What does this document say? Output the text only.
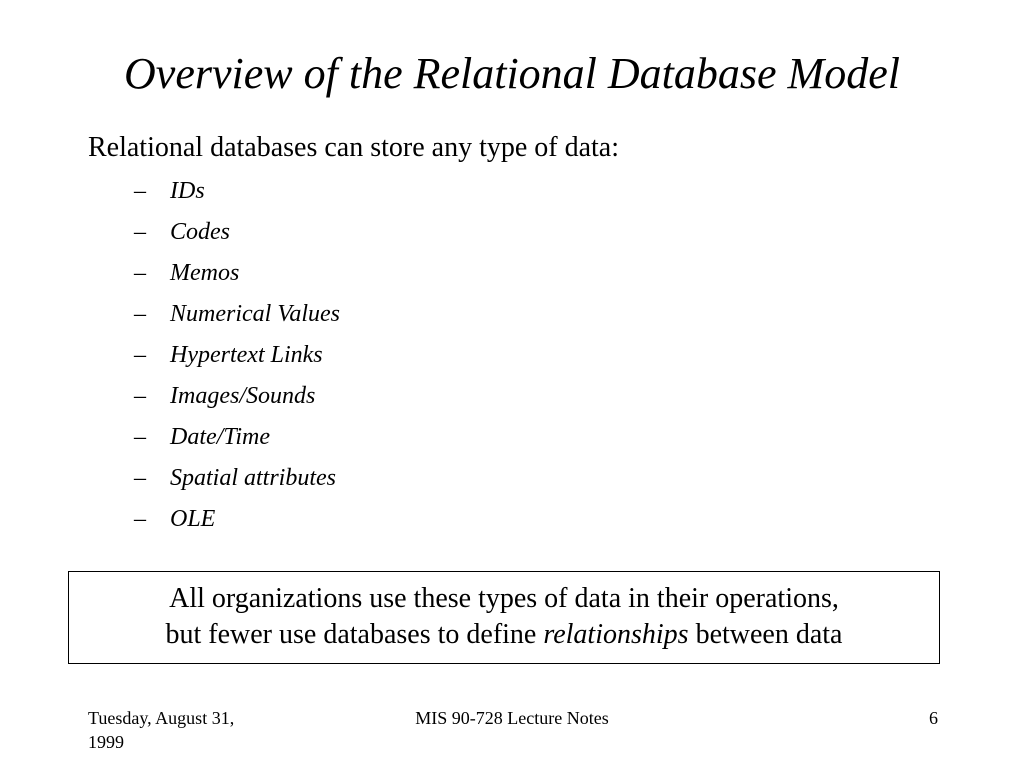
Overview of the Relational Database Model
Relational databases can store any type of data:
– IDs
– Codes
– Memos
– Numerical Values
– Hypertext Links
– Images/Sounds
– Date/Time
– Spatial attributes
– OLE
All organizations use these types of data in their operations,
but fewer use databases to define relationships between data
Tuesday, August 31,
1999
MIS 90-728 Lecture Notes	6
